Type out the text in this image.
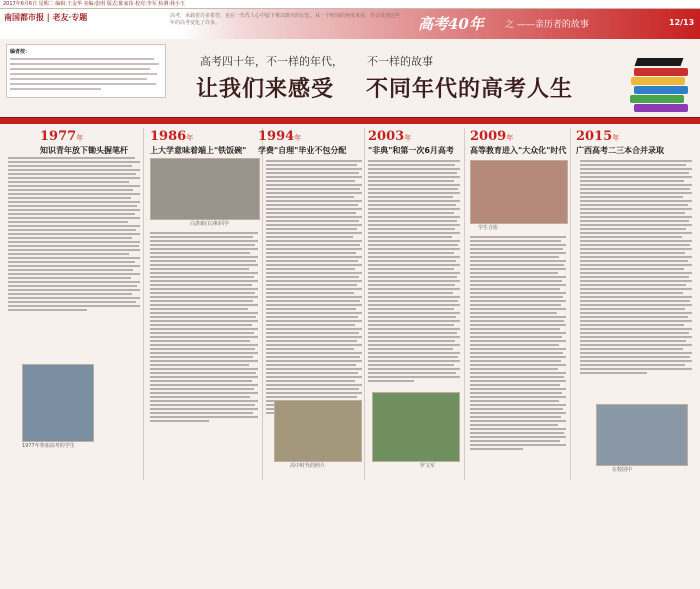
2017年6月6日 星期二 编辑:王金华 美编:张明 版式:陈家伟 校对:李军 检测:林小玉
南国都市报 | 老友·专题	高考，承载着许多希望，也在一代代人心中留下难以磨灭的记忆。从一个时间的角度来看，你会发现这些年的高考变化了许多。	高考40年 之 ——亲历者的故事	12/13
编者按：
高考四十年，不一样的年代， 不一样的故事
让我们来感受 不同年代的高考人生
1977年
知识青年放下锄头握笔杆
1977年参加高考的学生
1986年
上大学意味着端上"铁饭碗"
白湛新(右)和同学
1994年
学费"自理"毕业不包分配
高中时代的照片
2003年
"非典"和第一次6月高考
罗文军
2009年
高等教育进入"大众化"时代
学生合影
2015年
广西高考二三本合并录取
在校园中
